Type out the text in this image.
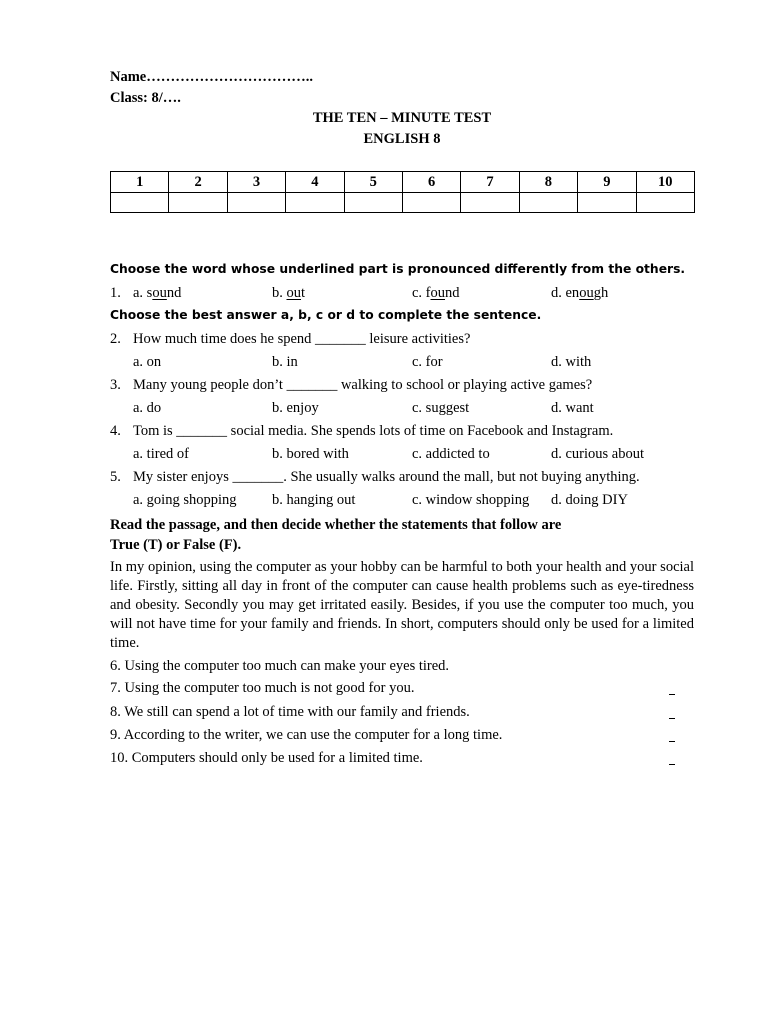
Name……………………………..
Class: 8/….
THE TEN – MINUTE TEST
ENGLISH 8
1	2	3	4	5	6	7	8	9	10

Choose the word whose underlined part is pronounced differently from the others.
1. a. sound	b. out	c. found	d. enough
Choose the best answer a, b, c or d to complete the sentence.
2. How much time does he spend _______ leisure activities?
a. on	b. in	c. for	d. with
3. Many young people don’t _______ walking to school or playing active games?
a. do	b. enjoy	c. suggest	d. want
4. Tom is _______ social media. She spends lots of time on Facebook and Instagram.
a. tired of	b. bored with	c. addicted to	d. curious about
5. My sister enjoys _______. She usually walks around the mall, but not buying anything.
a. going shopping b. hanging out	c. window shopping d. doing DIY
Read the passage, and then decide whether the statements that follow are
True (T) or False (F).
In my opinion, using the computer as your hobby can be harmful to both your health and your social life. Firstly, sitting all day in front of the computer can cause health problems such as eye-tiredness and obesity. Secondly you may get irritated easily. Besides, if you use the computer too much, you will not have time for your family and friends. In short, computers should only be used for a limited time.
6. Using the computer too much can make your eyes tired.
7. Using the computer too much is not good for you.
8. We still can spend a lot of time with our family and friends.
9. According to the writer, we can use the computer for a long time.
10. Computers should only be used for a limited time.
